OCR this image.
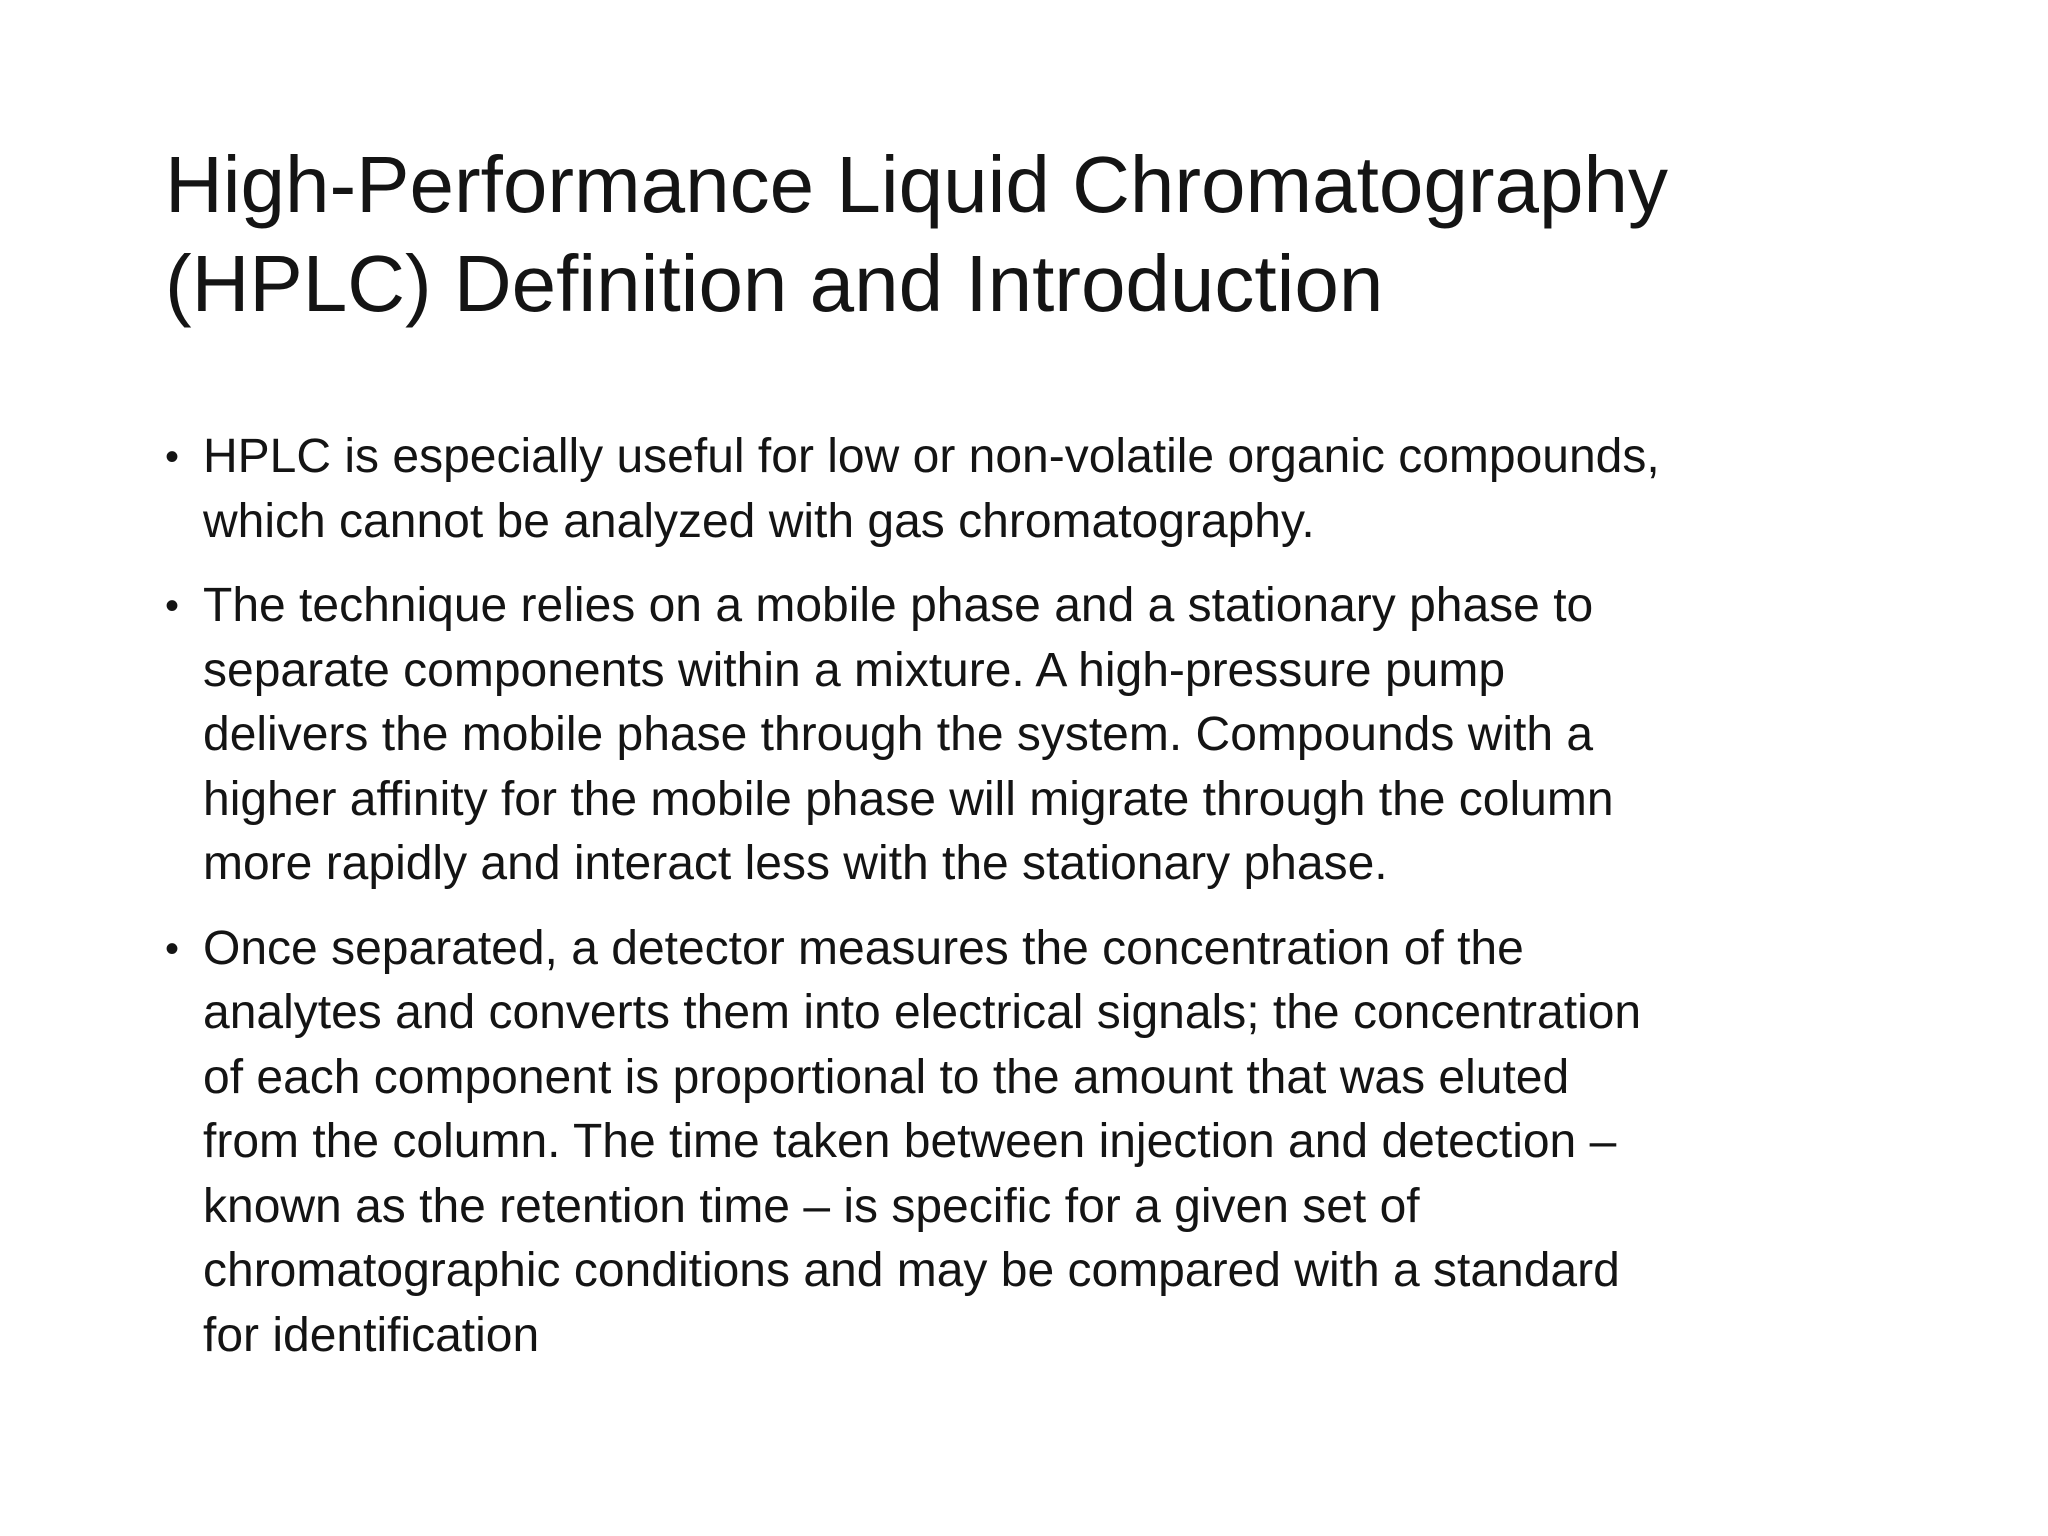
High-Performance Liquid Chromatography
(HPLC) Definition and Introduction
• HPLC is especially useful for low or non-volatile organic compounds,
which cannot be analyzed with gas chromatography.
• The technique relies on a mobile phase and a stationary phase to
separate components within a mixture. A high-pressure pump
delivers the mobile phase through the system. Compounds with a
higher affinity for the mobile phase will migrate through the column
more rapidly and interact less with the stationary phase.
• Once separated, a detector measures the concentration of the
analytes and converts them into electrical signals; the concentration
of each component is proportional to the amount that was eluted
from the column. The time taken between injection and detection –
known as the retention time – is specific for a given set of
chromatographic conditions and may be compared with a standard
for identification
